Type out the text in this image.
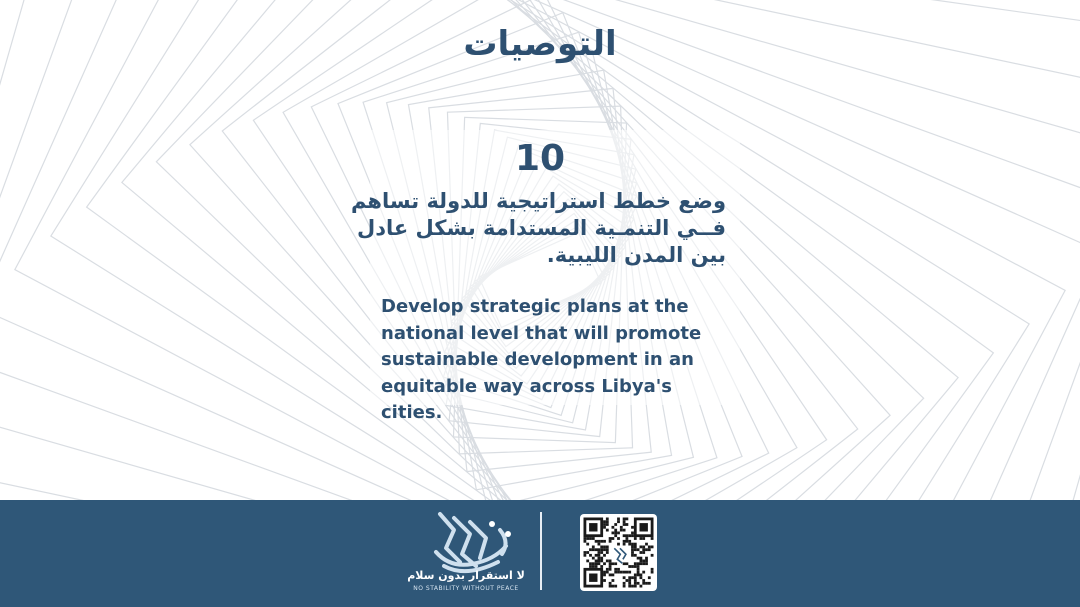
التوصيات
10
وضع خطط استراتيجية للدولة تساهم
فــي التنمـية المستدامة بشكل عادل
بين المدن الليبية.
Develop strategic plans at the
national level that will promote
sustainable development in an
equitable way across Libya's cities.
لا استقرار بدون سلام
NO STABILITY WITHOUT PEACE
